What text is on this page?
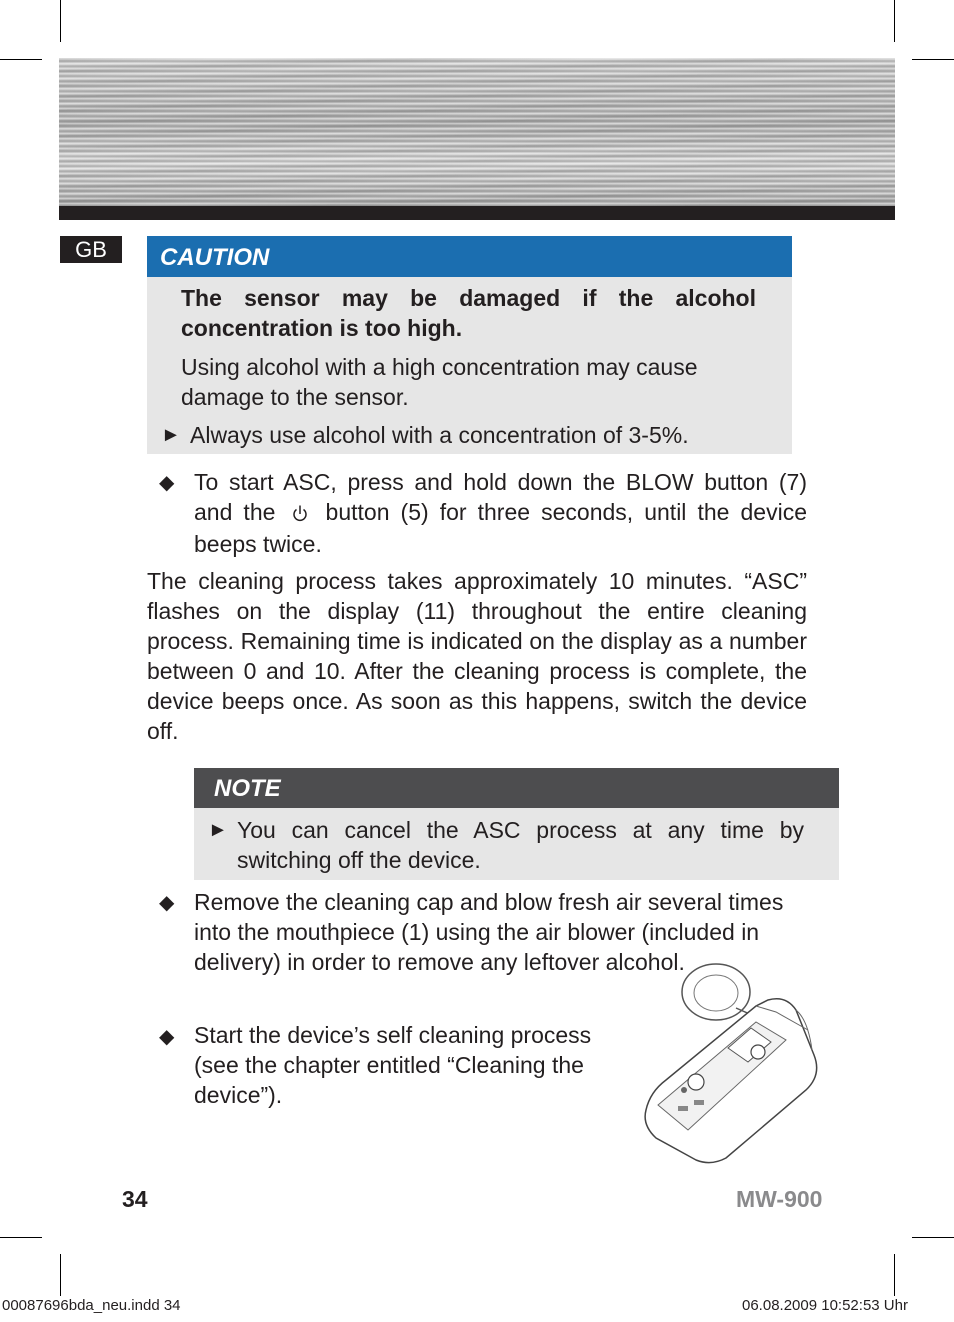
GB	CAUTION
The sensor may be damaged if the alcohol concentration is too high.
Using alcohol with a high concentration may cause damage to the sensor.
► Always use alcohol with a concentration of 3-5%.
◆ To start ASC, press and hold down the BLOW button (7) and the button (5) for three seconds, until the device beeps twice.
The cleaning process takes approximately 10 minutes. “ASC” flashes on the display (11) throughout the entire cleaning process. Remaining time is indicated on the display as a number between 0 and 10. After the cleaning process is complete, the device beeps once. As soon as this happens, switch the device off.
NOTE
► You can cancel the ASC process at any time by switching off the device.
◆ Remove the cleaning cap and blow fresh air several times into the mouthpiece (1) using the air blower (included in delivery) in order to remove any leftover alcohol.
◆ Start the device’s self cleaning process (see the chapter entitled “Cleaning the device”).
34	MW-900
00087696bda_neu.indd 34	06.08.2009 10:52:53 Uhr
